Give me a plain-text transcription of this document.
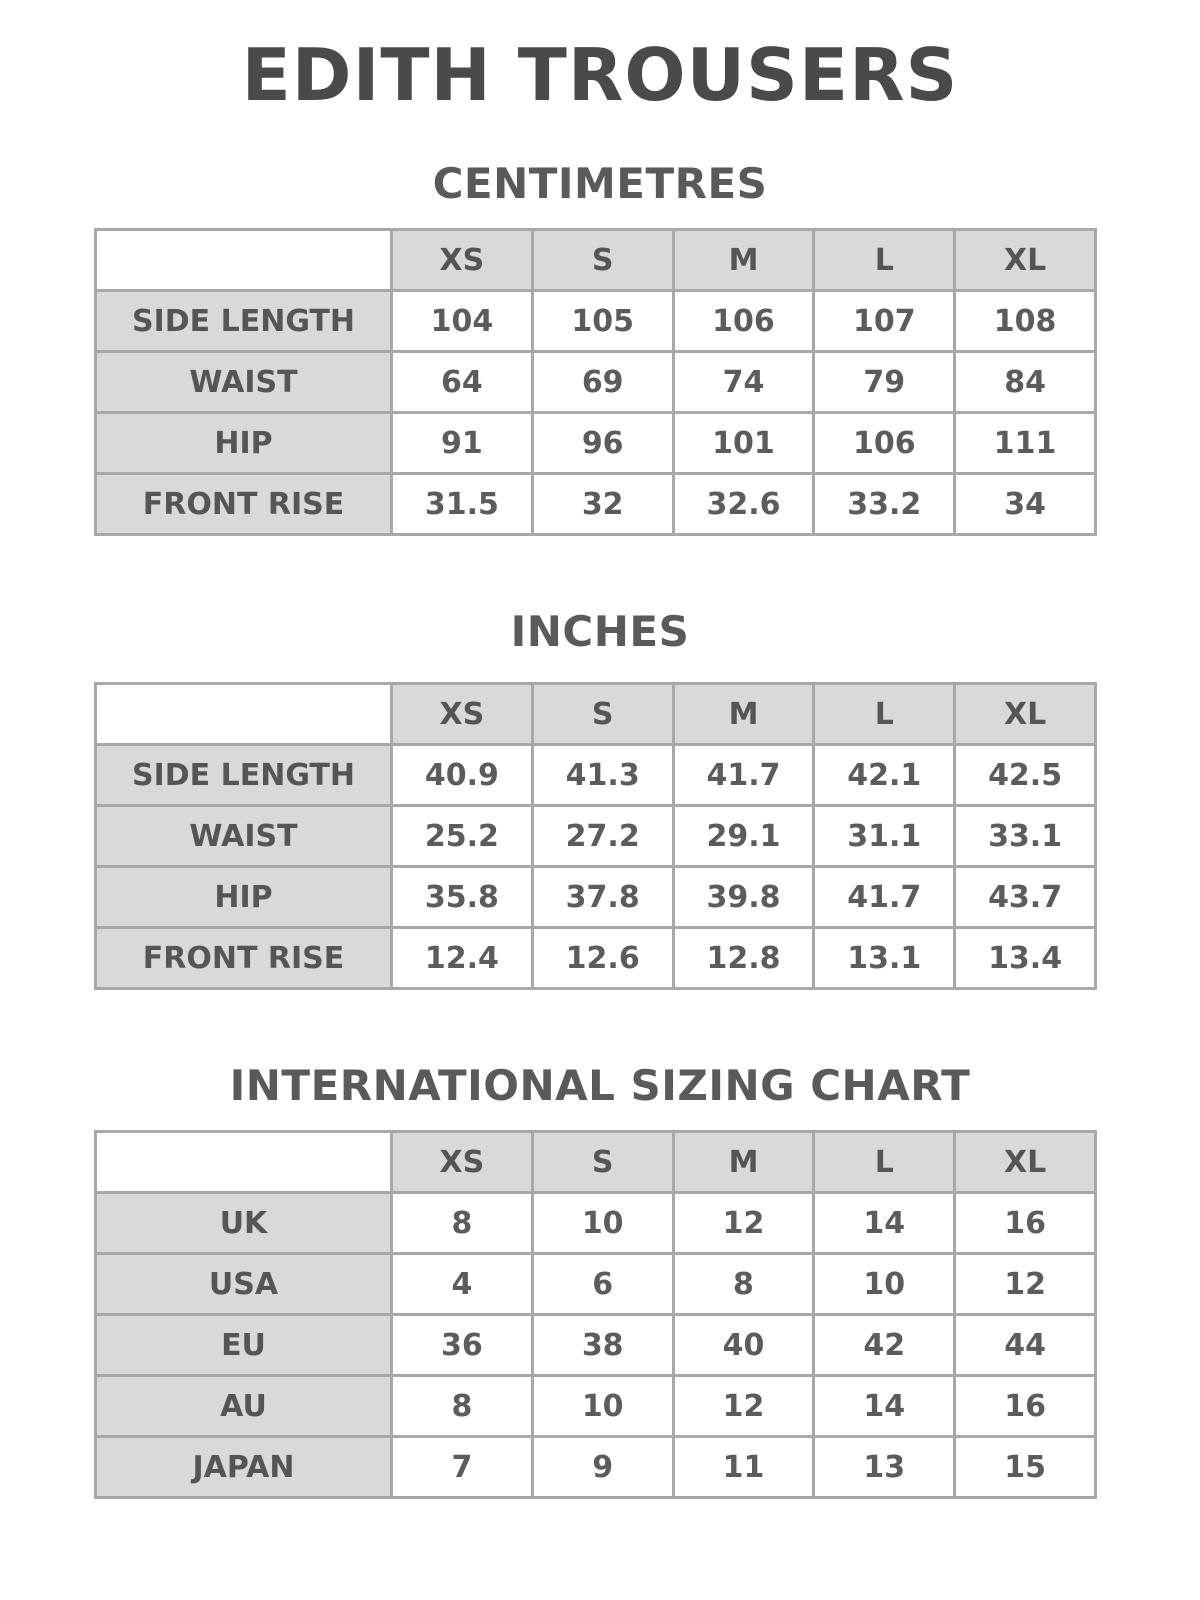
EDITH TROUSERS
CENTIMETRES
	XS	S	M	L	XL
SIDE LENGTH	104	105	106	107	108
WAIST	64	69	74	79	84
HIP	91	96	101	106	111
FRONT RISE	31.5	32	32.6	33.2	34
INCHES
	XS	S	M	L	XL
SIDE LENGTH	40.9	41.3	41.7	42.1	42.5
WAIST	25.2	27.2	29.1	31.1	33.1
HIP	35.8	37.8	39.8	41.7	43.7
FRONT RISE	12.4	12.6	12.8	13.1	13.4
INTERNATIONAL SIZING CHART
	XS	S	M	L	XL
UK	8	10	12	14	16
USA	4	6	8	10	12
EU	36	38	40	42	44
AU	8	10	12	14	16
JAPAN	7	9	11	13	15
